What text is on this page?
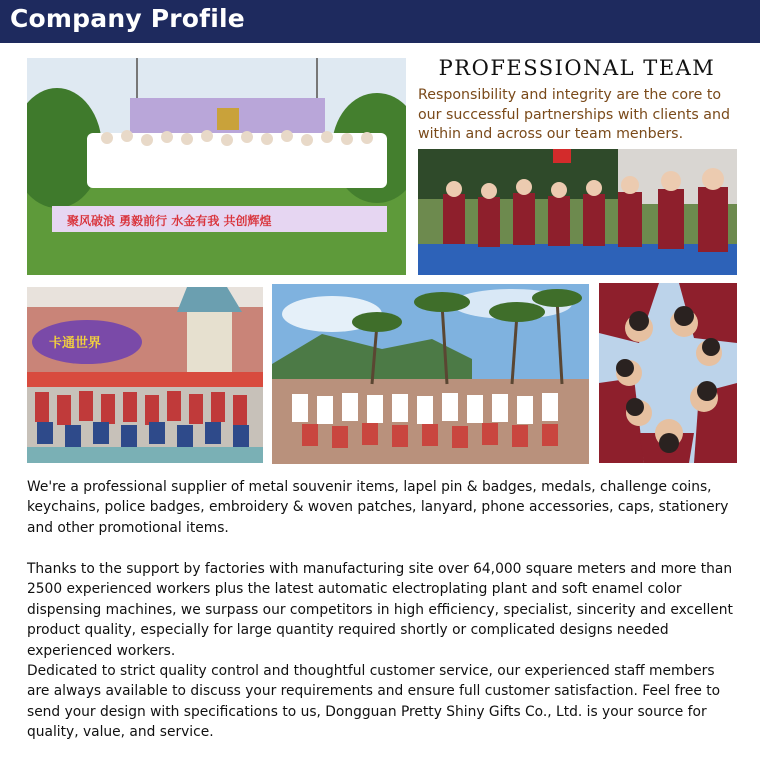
Company Profile
聚风破浪 勇毅前行 水金有我 共创辉煌
PROFESSIONAL TEAM
Responsibility and integrity are the core to our successful partnerships with clients and within and across our team menbers.
卡通世界
We're a professional supplier of metal souvenir items, lapel pin & badges, medals, challenge coins, keychains, police badges, embroidery & woven patches, lanyard, phone accessories, caps, stationery and other promotional items.
Thanks to the support by factories with manufacturing site over 64,000 square meters and more than 2500 experienced workers plus the latest automatic electroplating plant and soft enamel color dispensing machines, we surpass our competitors in high efficiency, specialist, sincerity and excellent product quality, especially for large quantity required shortly or complicated designs needed experienced workers.
Dedicated to strict quality control and thoughtful customer service, our experienced staff members are always available to discuss your requirements and ensure full customer satisfaction. Feel free to send your design with specifications to us, Dongguan Pretty Shiny Gifts Co., Ltd. is your source for quality, value, and service.
